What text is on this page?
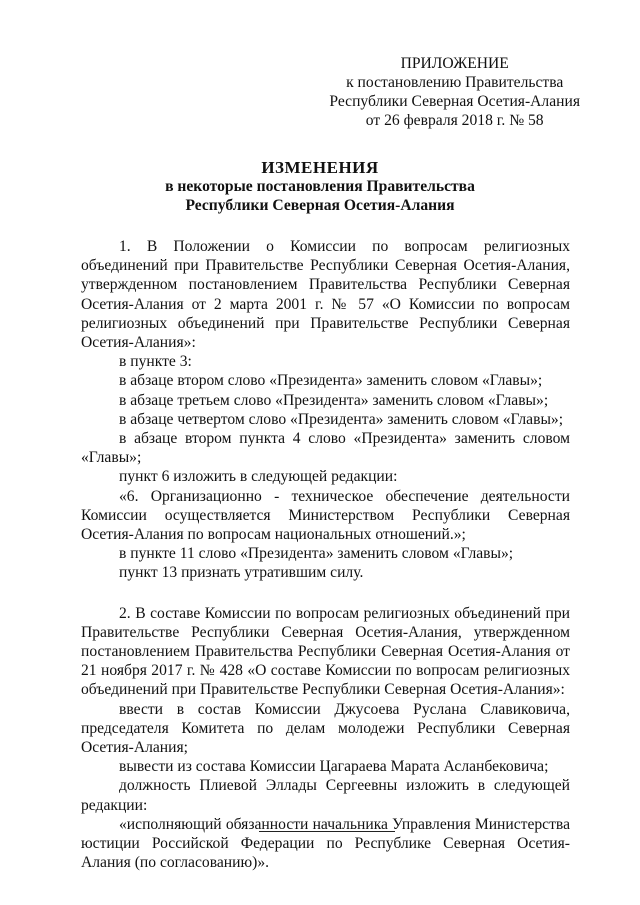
ПРИЛОЖЕНИЕ
к постановлению Правительства
Республики Северная Осетия-Алания
от 26 февраля 2018 г. № 58
ИЗМЕНЕНИЯ
в некоторые постановления Правительства
Республики Северная Осетия-Алания

1. В Положении о Комиссии по вопросам религиозных объединений при Правительстве Республики Северная Осетия-Алания, утвержденном постановлением Правительства Республики Северная Осетия-Алания от 2 марта 2001 г. № 57 «О Комиссии по вопросам религиозных объединений при Правительстве Республики Северная Осетия-Алания»:

в пункте 3:

в абзаце втором слово «Президента» заменить словом «Главы»;

в абзаце третьем слово «Президента» заменить словом «Главы»;

в абзаце четвертом слово «Президента» заменить словом «Главы»;

в абзаце втором пункта 4 слово «Президента» заменить словом «Главы»;

пункт 6 изложить в следующей редакции:

«6. Организационно - техническое обеспечение деятельности Комиссии осуществляется Министерством Республики Северная Осетия-Алания по вопросам национальных отношений.»;

в пункте 11 слово «Президента» заменить словом «Главы»;

пункт 13 признать утратившим силу.

2. В составе Комиссии по вопросам религиозных объединений при Правительстве Республики Северная Осетия-Алания, утвержденном постановлением Правительства Республики Северная Осетия-Алания от 21 ноября 2017 г. № 428 «О составе Комиссии по вопросам религиозных объединений при Правительстве Республики Северная Осетия-Алания»:

ввести в состав Комиссии Джусоева Руслана Славиковича, председателя Комитета по делам молодежи Республики Северная Осетия-Алания;

вывести из состава Комиссии Цагараева Марата Асланбековича;

должность Плиевой Эллады Сергеевны изложить в следующей редакции:

«исполняющий обязанности начальника Управления Министерства юстиции Российской Федерации по Республике Северная Осетия-Алания (по согласованию)».
